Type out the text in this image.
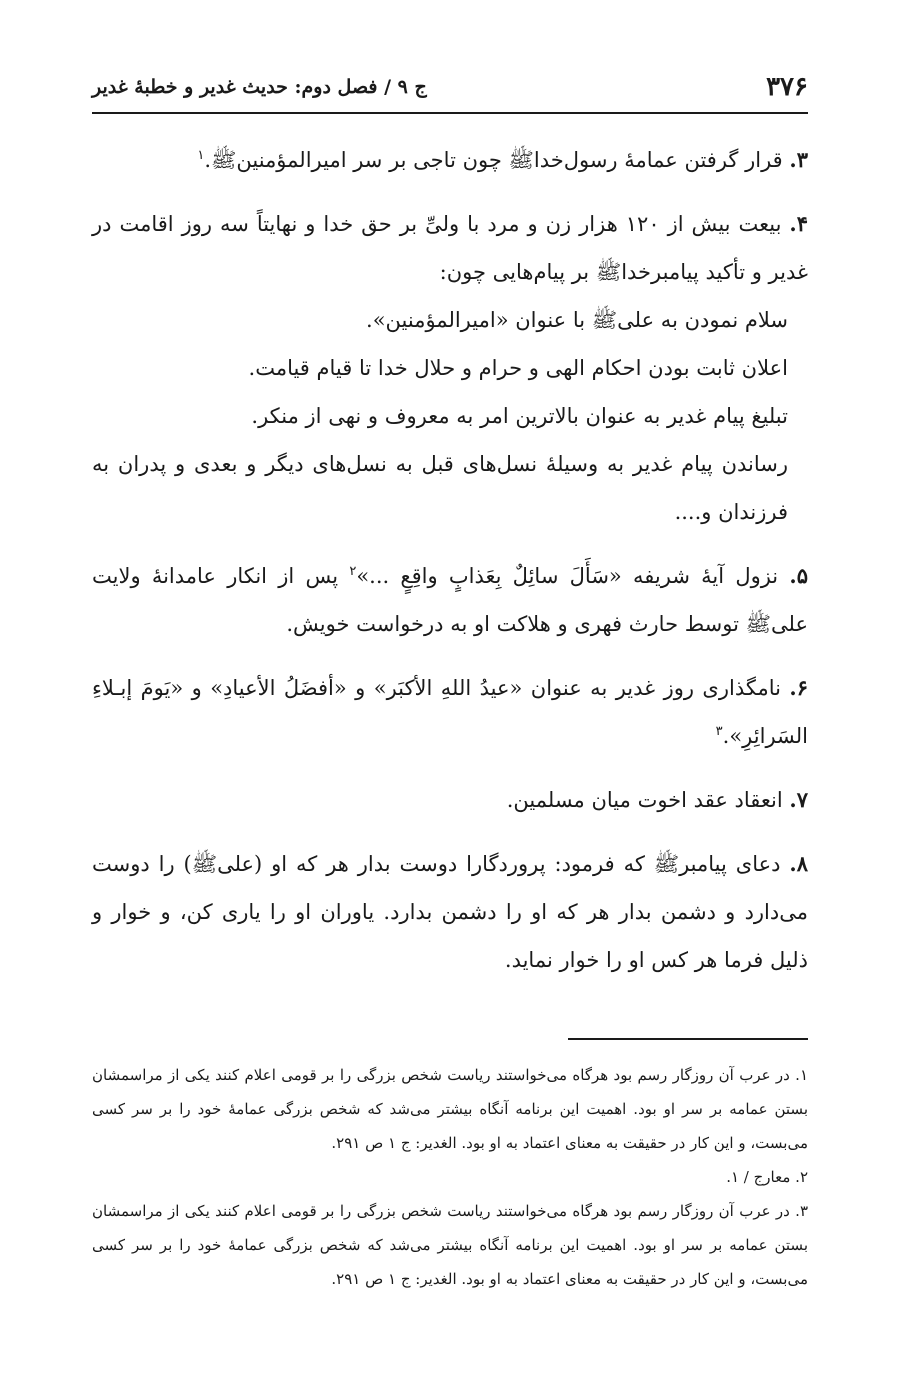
۳۷۶
ج ۹ / فصل دوم: حدیث غدیر و خطبهٔ غدیر

۳. قرار گرفتن عمامهٔ رسول‌خداﷺ چون تاجی بر سر امیرالمؤمنینﷺ.$^۱$

۴. بیعت بیش از ۱۲۰ هزار زن و مرد با ولیِّ بر حق خدا و نهایتاً سه روز اقامت در غدیر و تأکید پیامبرخداﷺ بر پیام‌هایی چون:

سلام نمودن به علیﷺ با عنوان «امیرالمؤمنین».

اعلان ثابت بودن احکام الهی و حرام و حلال خدا تا قیام قیامت.

تبلیغ پیام غدیر به عنوان بالاترین امر به معروف و نهی از منکر.

رساندن پیام غدیر به وسیلهٔ نسل‌های قبل به نسل‌های دیگر و بعدی و پدران به فرزندان و....

۵. نزول آیهٔ شریفه «سَأَلَ سائِلٌ بِعَذابٍ واقِعٍ ...»$^۲$ پس از انکار عامدانهٔ ولایت علیﷺ توسط حارث فهری و هلاکت او به درخواست خویش.

۶. نامگذاری روز غدیر به عنوان «عیدُ اللهِ الأکبَر» و «أفضَلُ الأعیادِ» و «یَومَ إبـلاءِ السَرائِرِ».$^۳$

۷. انعقاد عقد اخوت میان مسلمین.

۸. دعای پیامبرﷺ که فرمود: پروردگارا دوست بدار هر که او (علیﷺ) را دوست می‌دارد و دشمن بدار هر که او را دشمن بدارد. یاوران او را یاری کن، و خوار و ذلیل فرما هر کس او را خوار نماید.

۱. در عرب آن روزگار رسم بود هرگاه می‌خواستند ریاست شخص بزرگی را بر قومی اعلام کنند یکی از مراسمشان بستن عمامه بر سر او بود. اهمیت این برنامه آنگاه بیشتر می‌شد که شخص بزرگی عمامهٔ خود را بر سر کسی می‌بست، و این کار در حقیقت به معنای اعتماد به او بود. الغدیر: ج ۱ ص ۲۹۱.

۲. معارج / ۱.

۳. در عرب آن روزگار رسم بود هرگاه می‌خواستند ریاست شخص بزرگی را بر قومی اعلام کنند یکی از مراسمشان بستن عمامه بر سر او بود. اهمیت این برنامه آنگاه بیشتر می‌شد که شخص بزرگی عمامهٔ خود را بر سر کسی می‌بست، و این کار در حقیقت به معنای اعتماد به او بود. الغدیر: ج ۱ ص ۲۹۱.
